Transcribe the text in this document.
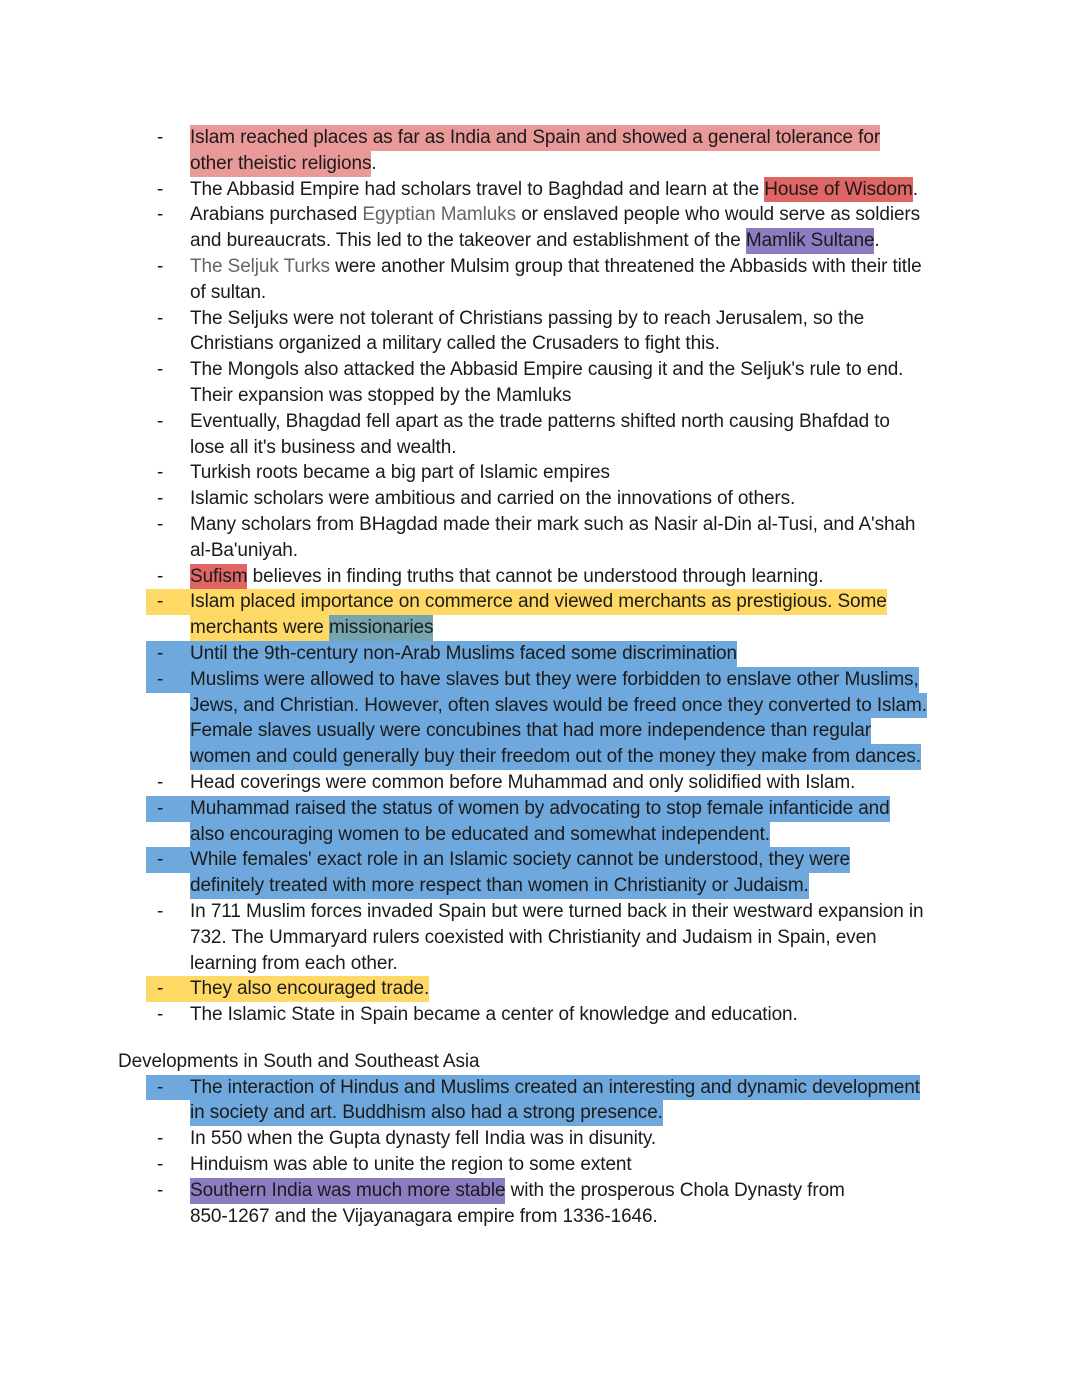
-	Islam reached places as far as India and Spain and showed a general tolerance for
other theistic religions.
-	The Abbasid Empire had scholars travel to Baghdad and learn at the House of Wisdom.
-	Arabians purchased Egyptian Mamluks or enslaved people who would serve as soldiers
and bureaucrats. This led to the takeover and establishment of the Mamlik Sultane.
-	The Seljuk Turks were another Mulsim group that threatened the Abbasids with their title
of sultan.
-	The Seljuks were not tolerant of Christians passing by to reach Jerusalem, so the
Christians organized a military called the Crusaders to fight this.
-	The Mongols also attacked the Abbasid Empire causing it and the Seljuk's rule to end.
Their expansion was stopped by the Mamluks
-	Eventually, Bhagdad fell apart as the trade patterns shifted north causing Bhafdad to
lose all it's business and wealth.
-	Turkish roots became a big part of Islamic empires
-	Islamic scholars were ambitious and carried on the innovations of others.
-	Many scholars from BHagdad made their mark such as Nasir al-Din al-Tusi, and A'shah
al-Ba'uniyah.
-	Sufism believes in finding truths that cannot be understood through learning.
-	Islam placed importance on commerce and viewed merchants as prestigious. Some
merchants were missionaries
-	Until the 9th-century non-Arab Muslims faced some discrimination
-	Muslims were allowed to have slaves but they were forbidden to enslave other Muslims,
Jews, and Christian. However, often slaves would be freed once they converted to Islam.
Female slaves usually were concubines that had more independence than regular
women and could generally buy their freedom out of the money they make from dances.
-	Head coverings were common before Muhammad and only solidified with Islam.
-	Muhammad raised the status of women by advocating to stop female infanticide and
also encouraging women to be educated and somewhat independent.
-	While females' exact role in an Islamic society cannot be understood, they were
definitely treated with more respect than women in Christianity or Judaism.
-	In 711 Muslim forces invaded Spain but were turned back in their westward expansion in
732. The Ummaryard rulers coexisted with Christianity and Judaism in Spain, even
learning from each other.
-	They also encouraged trade.
-	The Islamic State in Spain became a center of knowledge and education.
Developments in South and Southeast Asia
-	The interaction of Hindus and Muslims created an interesting and dynamic development
in society and art. Buddhism also had a strong presence.
-	In 550 when the Gupta dynasty fell India was in disunity.
-	Hinduism was able to unite the region to some extent
-	Southern India was much more stable with the prosperous Chola Dynasty from
850-1267 and the Vijayanagara empire from 1336-1646.
